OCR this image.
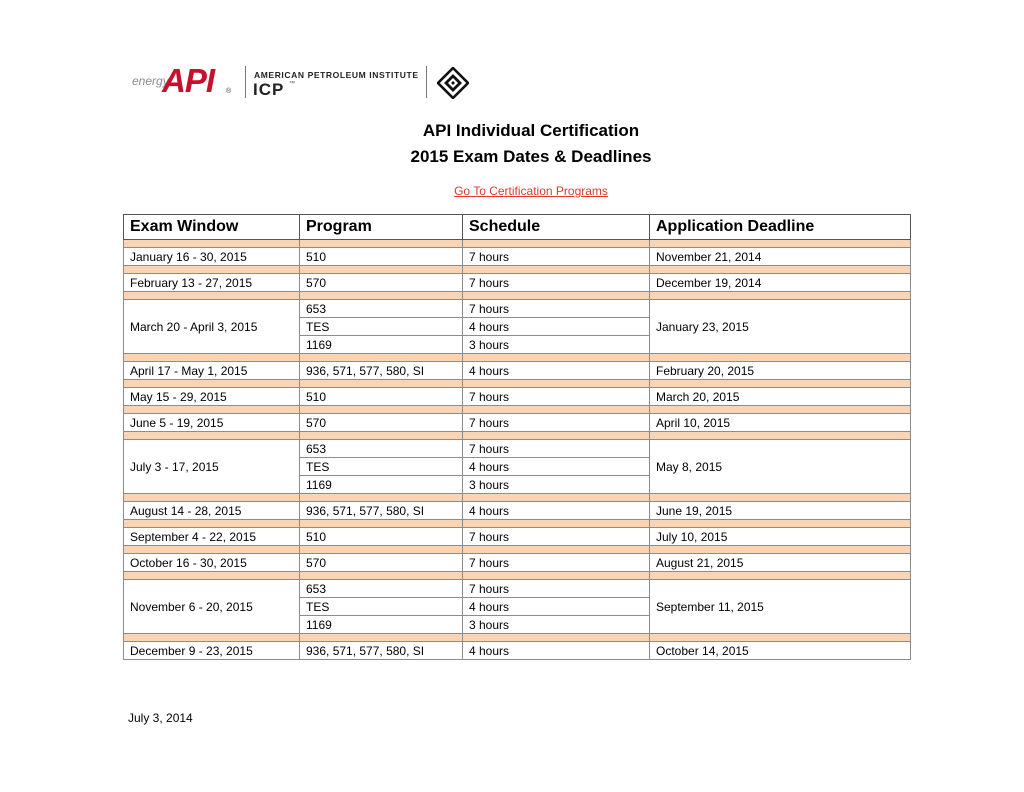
energy
API ®
AMERICAN PETROLEUM INSTITUTE
ICP ™
API Individual Certification
2015 Exam Dates & Deadlines
Go To Certification Programs
Exam Window	Program	Schedule	Application Deadline

January 16 - 30, 2015	510	7 hours	November 21, 2014

February 13 - 27, 2015	570	7 hours	December 19, 2014

March 20 - April 3, 2015	653	7 hours	January 23, 2015
	TES	4 hours	
	1169	3 hours	

April 17 - May 1, 2015	936, 571, 577, 580, SI	4 hours	February 20, 2015

May 15 - 29, 2015	510	7 hours	March 20, 2015

June 5 - 19, 2015	570	7 hours	April 10, 2015

July 3 - 17, 2015	653	7 hours	May 8, 2015
	TES	4 hours	
	1169	3 hours	

August 14 - 28, 2015	936, 571, 577, 580, SI	4 hours	June 19, 2015

September 4 - 22, 2015	510	7 hours	July 10, 2015

October 16 - 30, 2015	570	7 hours	August 21, 2015

November 6 - 20, 2015	653	7 hours	September 11, 2015
	TES	4 hours	
	1169	3 hours	

December 9 - 23, 2015	936, 571, 577, 580, SI	4 hours	October 14, 2015
July 3, 2014
